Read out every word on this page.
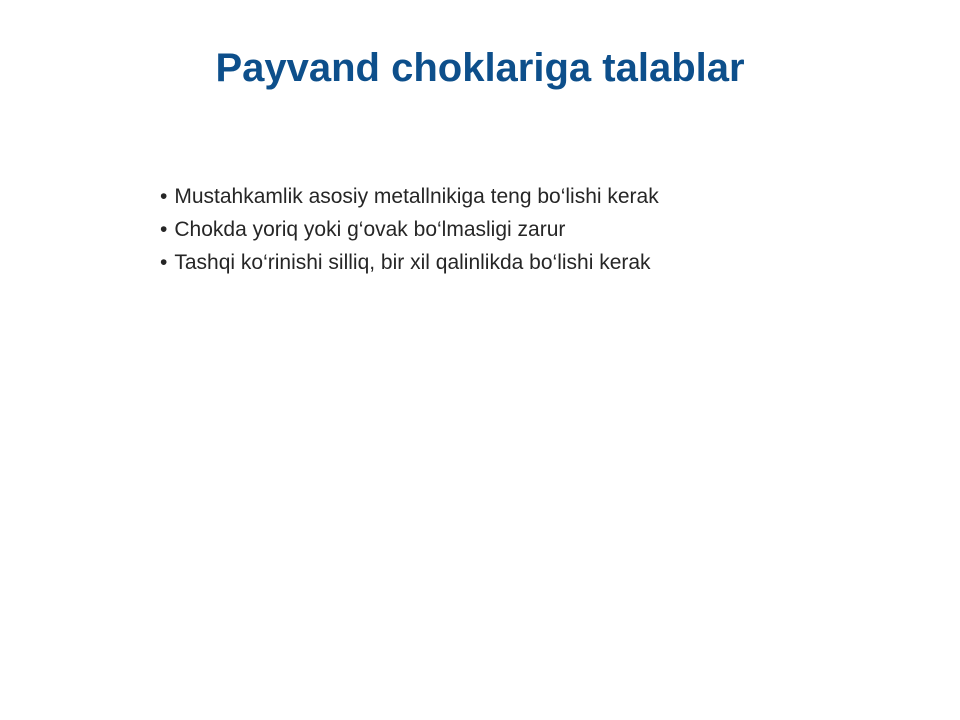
Payvand choklariga talablar
• Mustahkamlik asosiy metallnikiga teng bo‘lishi kerak
• Chokda yoriq yoki g‘ovak bo‘lmasligi zarur
• Tashqi ko‘rinishi silliq, bir xil qalinlikda bo‘lishi kerak
